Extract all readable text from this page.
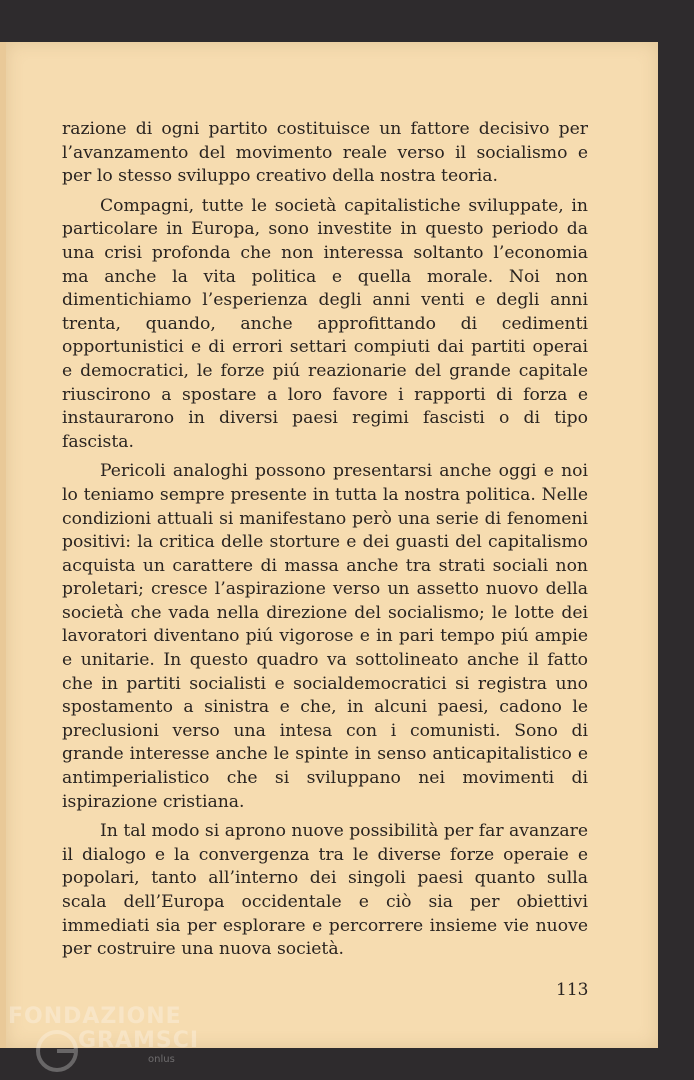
razione di ogni partito costituisce un fattore decisivo per l’avanzamento del movimento reale verso il socialismo e per lo stesso sviluppo creativo della nostra teoria.

Compagni, tutte le società capitalistiche sviluppate, in particolare in Europa, sono investite in questo periodo da una crisi profonda che non interessa soltanto l’economia ma anche la vita politica e quella morale. Noi non dimentichiamo l’esperienza degli anni venti e degli anni trenta, quando, anche approfittando di cedimenti opportunistici e di errori settari compiuti dai partiti operai e democratici, le forze piú reazionarie del grande capitale riuscirono a spostare a loro favore i rapporti di forza e instaurarono in diversi paesi regimi fascisti o di tipo fascista.

Pericoli analoghi possono presentarsi anche oggi e noi lo teniamo sempre presente in tutta la nostra politica. Nelle condizioni attuali si manifestano però una serie di fenomeni positivi: la critica delle storture e dei guasti del capitalismo acquista un carattere di massa anche tra strati sociali non proletari; cresce l’aspirazione verso un assetto nuovo della società che vada nella direzione del socialismo; le lotte dei lavoratori diventano piú vigorose e in pari tempo piú ampie e unitarie. In questo quadro va sottolineato anche il fatto che in partiti socialisti e socialdemocratici si registra uno spostamento a sinistra e che, in alcuni paesi, cadono le preclusioni verso una intesa con i comunisti. Sono di grande interesse anche le spinte in senso anticapitalistico e antimperialistico che si sviluppano nei movimenti di ispirazione cristiana.

In tal modo si aprono nuove possibilità per far avanzare il dialogo e la convergenza tra le diverse forze operaie e popolari, tanto all’interno dei singoli paesi quanto sulla scala dell’Europa occidentale e ciò sia per obiettivi immediati sia per esplorare e percorrere insieme vie nuove per costruire una nuova società.

113
FONDAZIONE
GRAMSCI
onlus
